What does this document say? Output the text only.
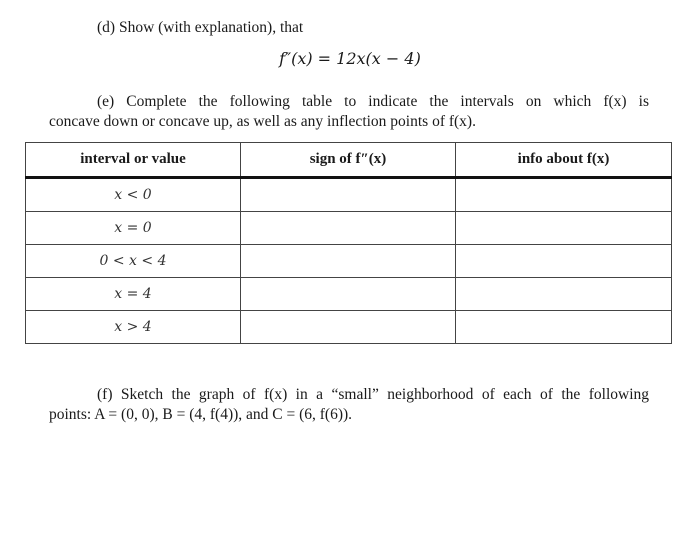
(d) Show (with explanation), that
f″(x) = 12x(x − 4)
(e) Complete the following table to indicate the intervals on which f(x) is
concave down or concave up, as well as any inflection points of f(x).
interval or value	sign of f″(x)	info about f(x)
x < 0		
x = 0		
0 < x < 4		
x = 4		
x > 4		
(f) Sketch the graph of f(x) in a “small” neighborhood of each of the following
points: A = (0, 0), B = (4, f(4)), and C = (6, f(6)).
